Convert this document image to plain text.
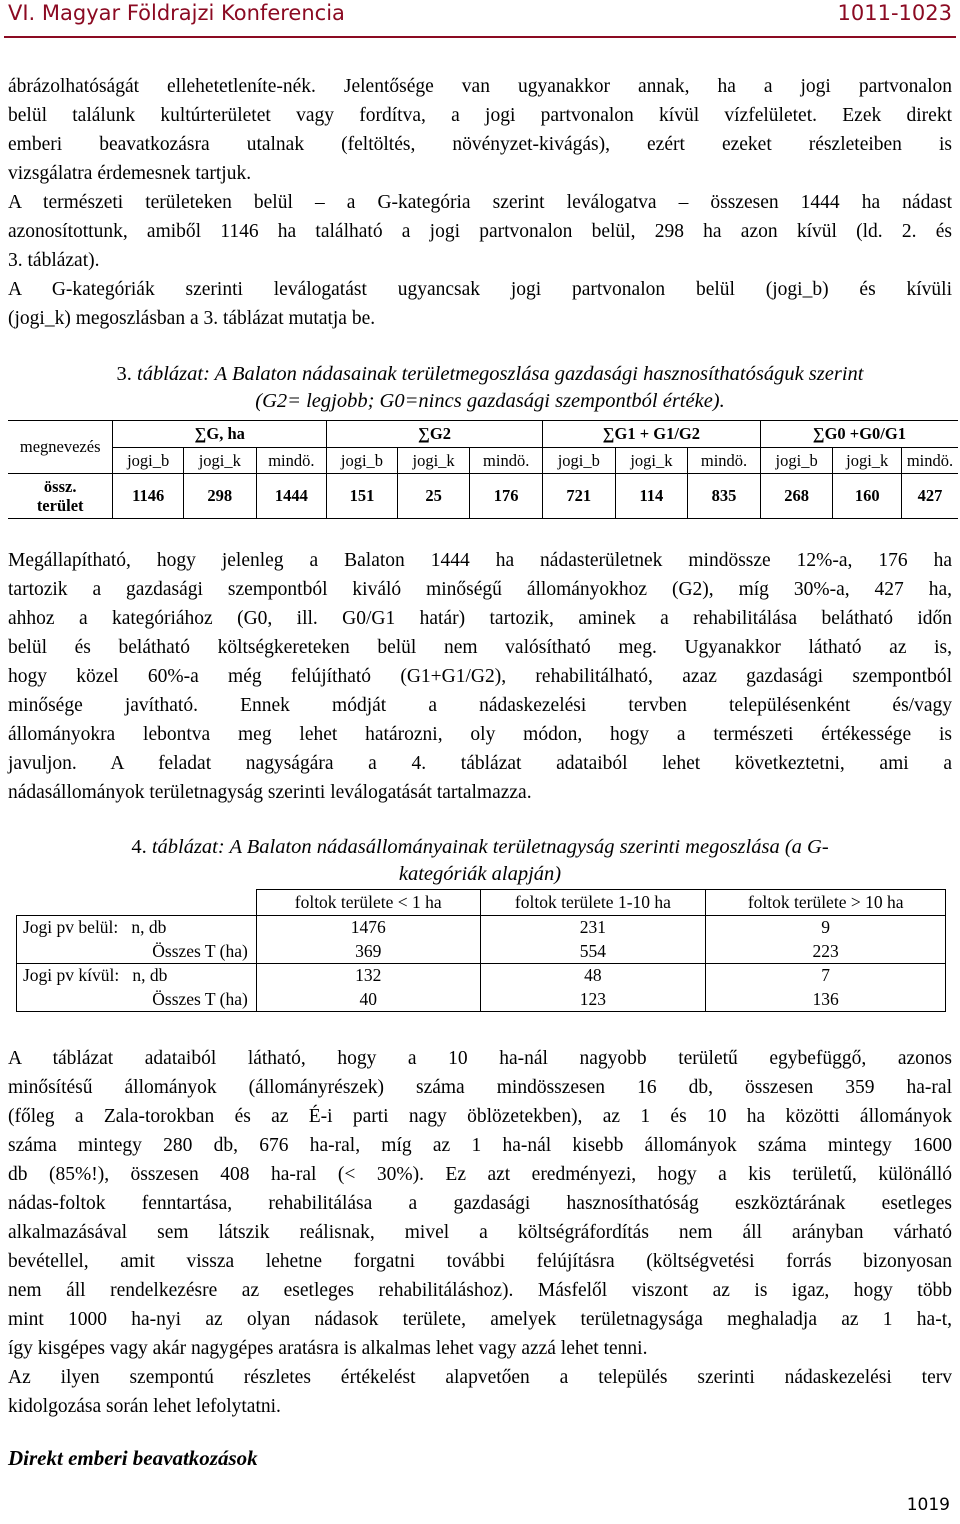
VI. Magyar Földrajzi Konferencia	1011-1023
ábrázolhatóságát ellehetetleníte-nék. Jelentősége van ugyanakkor annak, ha a jogi partvonalon
belül találunk kultúrterületet vagy fordítva, a jogi partvonalon kívül vízfelületet. Ezek direkt
emberi beavatkozásra utalnak (feltöltés, növényzet-kivágás), ezért ezeket részleteiben is
vizsgálatra érdemesnek tartjuk.
A természeti területeken belül – a G-kategória szerint leválogatva – összesen 1444 ha nádast
azonosítottunk, amiből 1146 ha található a jogi partvonalon belül, 298 ha azon kívül (ld. 2. és
3. táblázat).
A G-kategóriák szerinti leválogatást ugyancsak jogi partvonalon belül (jogi_b) és kívüli
(jogi_k) megoszlásban a 3. táblázat mutatja be.
3. táblázat: A Balaton nádasainak területmegoszlása gazdasági hasznosíthatóságuk szerint
(G2= legjobb; G0=nincs gazdasági szempontból értéke).
megnevezés	∑G, ha			∑G2			∑G1 + G1/G2			∑G0 +G0/G1		
	jogi_b	jogi_k	mindö.	jogi_b	jogi_k	mindö.	jogi_b	jogi_k	mindö.	jogi_b	jogi_k	mindö.

össz.
terület	1146	298	1444	151	25	176	721	114	835	268	160	427
Megállapítható, hogy jelenleg a Balaton 1444 ha nádasterületnek mindössze 12%-a, 176 ha
tartozik a gazdasági szempontból kiváló minőségű állományokhoz (G2), míg 30%-a, 427 ha,
ahhoz a kategóriához (G0, ill. G0/G1 határ) tartozik, aminek a rehabilitálása belátható időn
belül és belátható költségkereteken belül nem valósítható meg. Ugyanakkor látható az is,
hogy közel 60%-a még felújítható (G1+G1/G2), rehabilitálható, azaz gazdasági szempontból
minősége javítható. Ennek módját a nádaskezelési tervben településenként és/vagy
állományokra lebontva meg lehet határozni, oly módon, hogy a természeti értékessége is
javuljon. A feladat nagyságára a 4. táblázat adataiból lehet következtetni, ami a
nádasállományok területnagyság szerinti leválogatását tartalmazza.
4. táblázat: A Balaton nádasállományainak területnagyság szerinti megoszlása (a G-
kategóriák alapján)
	foltok területe < 1 ha	foltok területe 1-10 ha	foltok területe > 10 ha
Jogi pv belül:   n, db	1476	231	9
Összes T (ha)	369	554	223
Jogi pv kívül:   n, db	132	48	7
Összes T (ha)	40	123	136
A táblázat adataiból látható, hogy a 10 ha-nál nagyobb területű egybefüggő, azonos
minősítésű állományok (állományrészek) száma mindösszesen 16 db, összesen 359 ha-ral
(főleg a Zala-torokban és az É-i parti nagy öblözetekben), az 1 és 10 ha közötti állományok
száma mintegy 280 db, 676 ha-ral, míg az 1 ha-nál kisebb állományok száma mintegy 1600
db (85%!), összesen 408 ha-ral (< 30%). Ez azt eredményezi, hogy a kis területű, különálló
nádas-foltok fenntartása, rehabilitálása a gazdasági hasznosíthatóság eszköztárának esetleges
alkalmazásával sem látszik reálisnak, mivel a költségráfordítás nem áll arányban várható
bevétellel, amit vissza lehetne forgatni további felújításra (költségvetési forrás bizonyosan
nem áll rendelkezésre az esetleges rehabilitáláshoz). Másfelől viszont az is igaz, hogy több
mint 1000 ha-nyi az olyan nádasok területe, amelyek területnagysága meghaladja az 1 ha-t,
így kisgépes vagy akár nagygépes aratásra is alkalmas lehet vagy azzá lehet tenni.
Az ilyen szempontú részletes értékelést alapvetően a település szerinti nádaskezelési terv
kidolgozása során lehet lefolytatni.
Direkt emberi beavatkozások
1019
